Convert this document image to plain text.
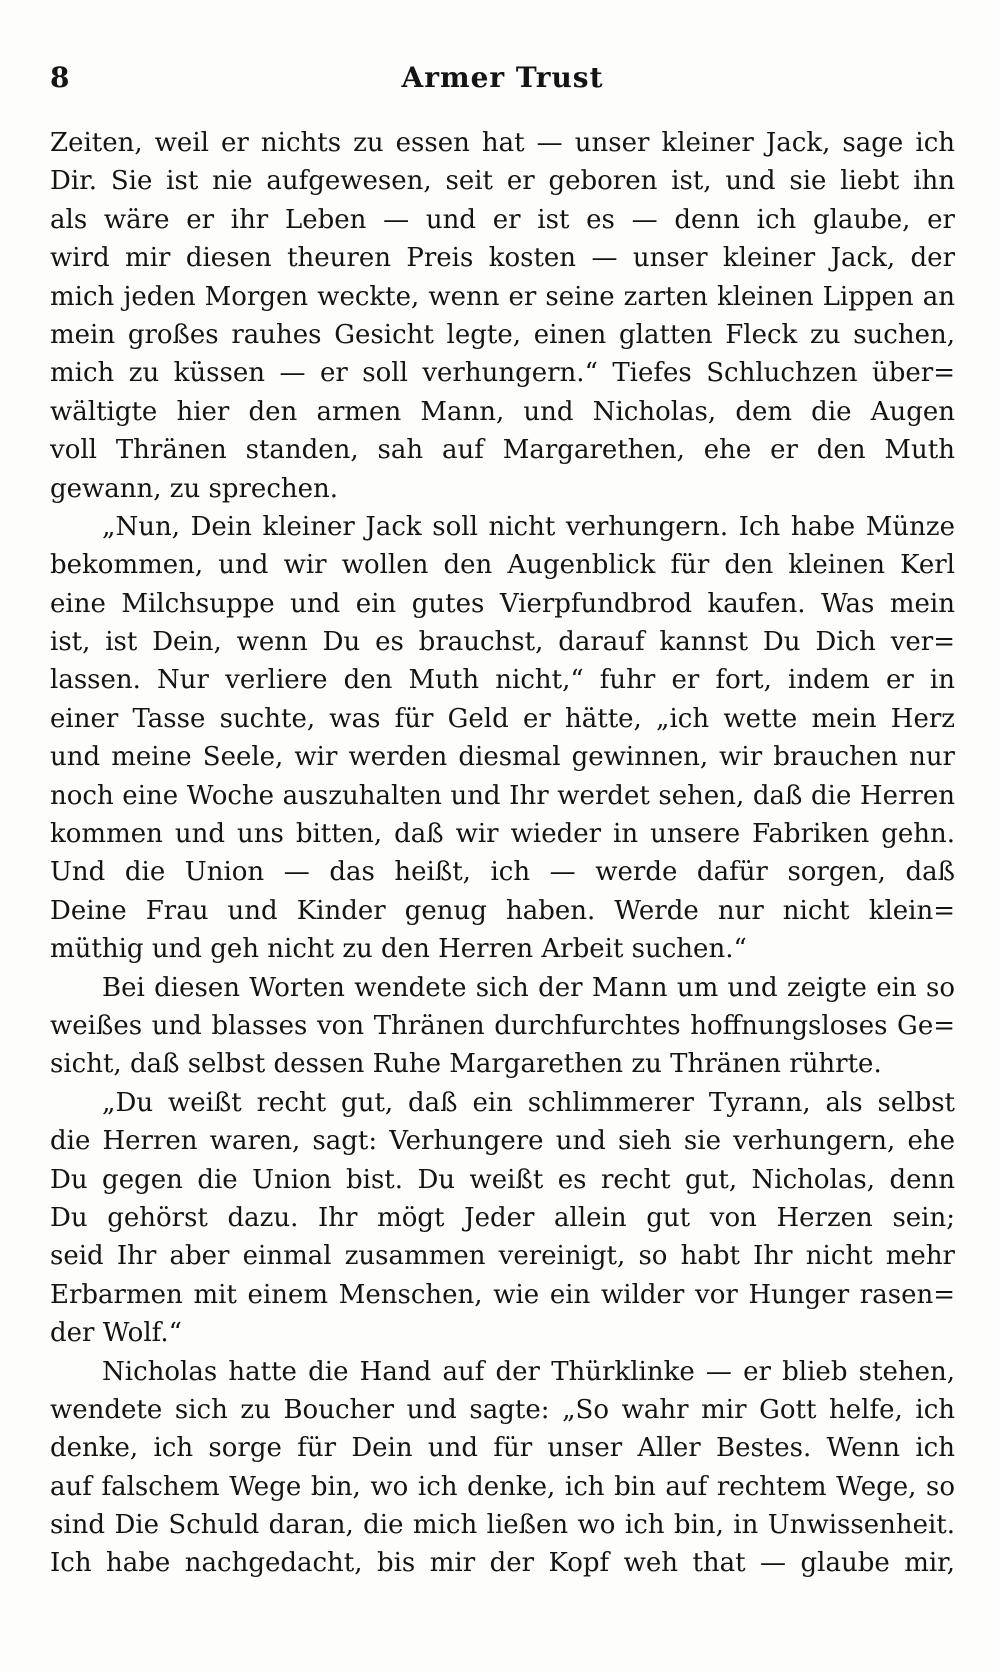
8	Armer Trust
Zeiten, weil er nichts zu essen hat — unser kleiner Jack, sage ich
Dir. Sie ist nie aufgewesen, seit er geboren ist, und sie liebt ihn
als wäre er ihr Leben — und er ist es — denn ich glaube, er
wird mir diesen theuren Preis kosten — unser kleiner Jack, der
mich jeden Morgen weckte, wenn er seine zarten kleinen Lippen an
mein großes rauhes Gesicht legte, einen glatten Fleck zu suchen,
mich zu küssen — er soll verhungern.“ Tiefes Schluchzen über=
wältigte hier den armen Mann, und Nicholas, dem die Augen
voll Thränen standen, sah auf Margarethen, ehe er den Muth
gewann, zu sprechen.
„Nun, Dein kleiner Jack soll nicht verhungern. Ich habe Münze
bekommen, und wir wollen den Augenblick für den kleinen Kerl
eine Milchsuppe und ein gutes Vierpfundbrod kaufen. Was mein
ist, ist Dein, wenn Du es brauchst, darauf kannst Du Dich ver=
lassen. Nur verliere den Muth nicht,“ fuhr er fort, indem er in
einer Tasse suchte, was für Geld er hätte, „ich wette mein Herz
und meine Seele, wir werden diesmal gewinnen, wir brauchen nur
noch eine Woche auszuhalten und Ihr werdet sehen, daß die Herren
kommen und uns bitten, daß wir wieder in unsere Fabriken gehn.
Und die Union — das heißt, ich — werde dafür sorgen, daß
Deine Frau und Kinder genug haben. Werde nur nicht klein=
müthig und geh nicht zu den Herren Arbeit suchen.“
Bei diesen Worten wendete sich der Mann um und zeigte ein so
weißes und blasses von Thränen durchfurchtes hoffnungsloses Ge=
sicht, daß selbst dessen Ruhe Margarethen zu Thränen rührte.
„Du weißt recht gut, daß ein schlimmerer Tyrann, als selbst
die Herren waren, sagt: Verhungere und sieh sie verhungern, ehe
Du gegen die Union bist. Du weißt es recht gut, Nicholas, denn
Du gehörst dazu. Ihr mögt Jeder allein gut von Herzen sein;
seid Ihr aber einmal zusammen vereinigt, so habt Ihr nicht mehr
Erbarmen mit einem Menschen, wie ein wilder vor Hunger rasen=
der Wolf.“
Nicholas hatte die Hand auf der Thürklinke — er blieb stehen,
wendete sich zu Boucher und sagte: „So wahr mir Gott helfe, ich
denke, ich sorge für Dein und für unser Aller Bestes. Wenn ich
auf falschem Wege bin, wo ich denke, ich bin auf rechtem Wege, so
sind Die Schuld daran, die mich ließen wo ich bin, in Unwissenheit.
Ich habe nachgedacht, bis mir der Kopf weh that — glaube mir,
